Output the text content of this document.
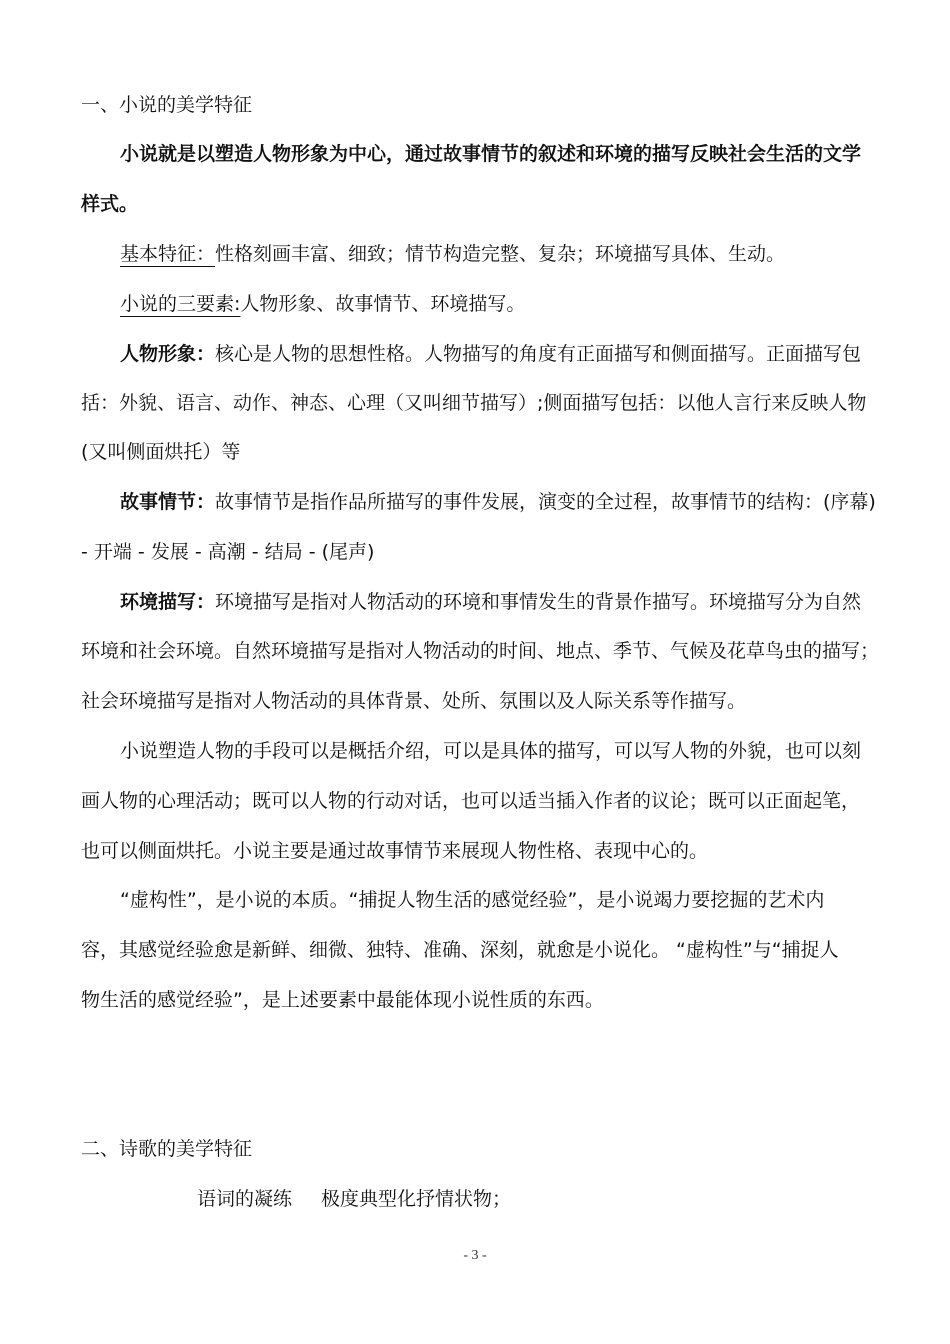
一、小说的美学特征
小说就是以塑造人物形象为中心，通过故事情节的叙述和环境的描写反映社会生活的文学
样式。
基本特征：性格刻画丰富、细致；情节构造完整、复杂；环境描写具体、生动。
小说的三要素:人物形象、故事情节、环境描写。
人物形象：核心是人物的思想性格。人物描写的角度有正面描写和侧面描写。正面描写包
括：外貌、语言、动作、神态、心理（又叫细节描写）;侧面描写包括：以他人言行来反映人物
(又叫侧面烘托）等
故事情节：故事情节是指作品所描写的事件发展，演变的全过程，故事情节的结构：(序幕)
- 开端 - 发展 - 高潮 - 结局 - (尾声)
环境描写：环境描写是指对人物活动的环境和事情发生的背景作描写。环境描写分为自然
环境和社会环境。自然环境描写是指对人物活动的时间、地点、季节、气候及花草鸟虫的描写；
社会环境描写是指对人物活动的具体背景、处所、氛围以及人际关系等作描写。
小说塑造人物的手段可以是概括介绍，可以是具体的描写，可以写人物的外貌，也可以刻
画人物的心理活动；既可以人物的行动对话，也可以适当插入作者的议论；既可以正面起笔，
也可以侧面烘托。小说主要是通过故事情节来展现人物性格、表现中心的。
“虚构性”，是小说的本质。“捕捉人物生活的感觉经验”，是小说竭力要挖掘的艺术内
容，其感觉经验愈是新鲜、细微、独特、准确、深刻，就愈是小说化。 “虚构性”与“捕捉人
物生活的感觉经验”，是上述要素中最能体现小说性质的东西。
二、诗歌的美学特征
语词的凝练 极度典型化抒情状物；
- 3 -
